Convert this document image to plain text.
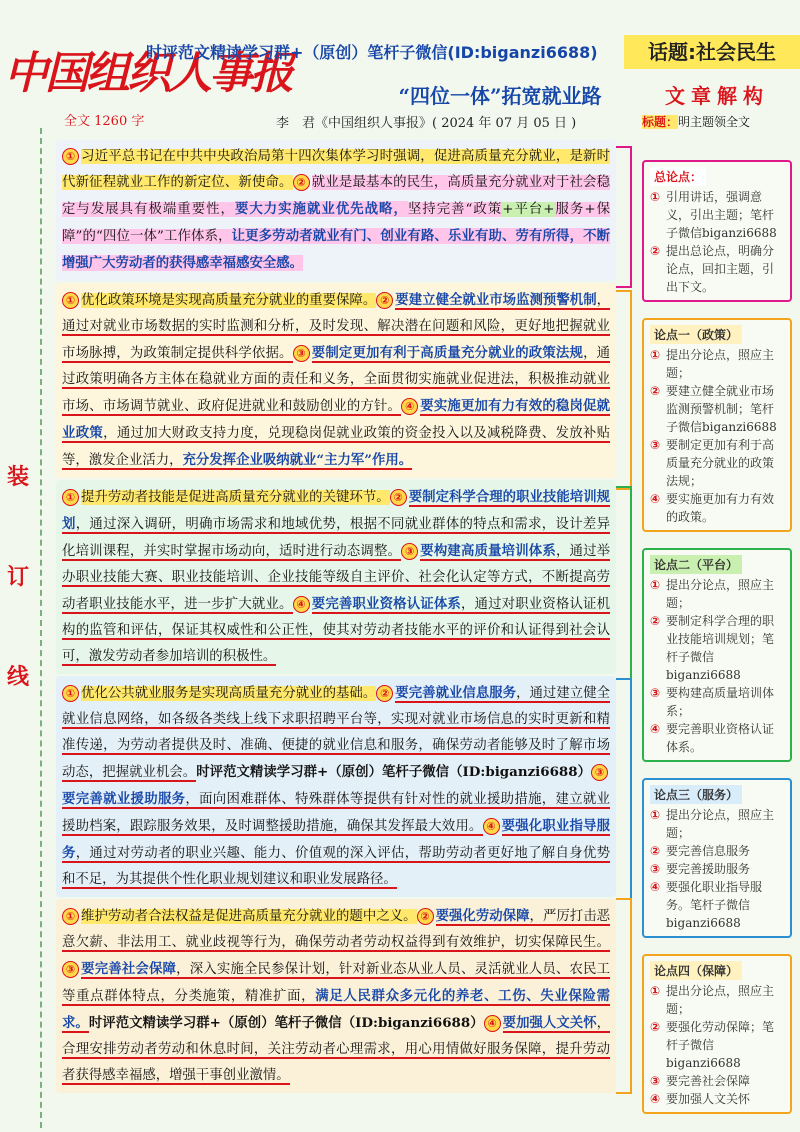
中国组织人事报
时评范文精读学习群+（原创）笔杆子微信(ID:biganzi6688)	话题:社会民生
“四位一体”拓宽就业路
全文 1260 字	李　君《中国组织人事报》( 2024 年 07 月 05 日 )
装
订
线

① 习近平总书记在中共中央政治局第十四次集体学习时强调，促进高质量充分就业，是新时代新征程就业工作的新定位、新使命。 ② 就业是最基本的民生，高质量充分就业对于社会稳定与发展具有极端重要性，要大力实施就业优先战略，坚持完善“政策+平台+服务+保障”的“四位一体”工作体系，让更多劳动者就业有门、创业有路、乐业有助、劳有所得，不断增强广大劳动者的获得感幸福感安全感。

① 优化政策环境是实现高质量充分就业的重要保障。 ② 要建立健全就业市场监测预警机制，通过对就业市场数据的实时监测和分析，及时发现、解决潜在问题和风险，更好地把握就业市场脉搏，为政策制定提供科学依据。 ③ 要制定更加有利于高质量充分就业的政策法规，通过政策明确各方主体在稳就业方面的责任和义务，全面贯彻实施就业促进法，积极推动就业市场、市场调节就业、政府促进就业和鼓励创业的方针。 ④ 要实施更加有力有效的稳岗促就业政策，通过加大财政支持力度，兑现稳岗促就业政策的资金投入以及减税降费、发放补贴等，激发企业活力，充分发挥企业吸纳就业“主力军”作用。

① 提升劳动者技能是促进高质量充分就业的关键环节。 ② 要制定科学合理的职业技能培训规划，通过深入调研，明确市场需求和地域优势，根据不同就业群体的特点和需求，设计差异化培训课程，并实时掌握市场动向，适时进行动态调整。 ③ 要构建高质量培训体系，通过举办职业技能大赛、职业技能培训、企业技能等级自主评价、社会化认定等方式，不断提高劳动者职业技能水平，进一步扩大就业。 ④ 要完善职业资格认证体系，通过对职业资格认证机构的监管和评估，保证其权威性和公正性，使其对劳动者技能水平的评价和认证得到社会认可，激发劳动者参加培训的积极性。

① 优化公共就业服务是实现高质量充分就业的基础。 ② 要完善就业信息服务，通过建立健全就业信息网络，如各级各类线上线下求职招聘平台等，实现对就业市场信息的实时更新和精准传递，为劳动者提供及时、准确、便捷的就业信息和服务，确保劳动者能够及时了解市场动态，把握就业机会。时评范文精读学习群+（原创）笔杆子微信（ID:biganzi6688） ③要完善就业援助服务，面向困难群体、特殊群体等提供有针对性的就业援助措施，建立就业援助档案，跟踪服务效果，及时调整援助措施，确保其发挥最大效用。 ④ 要强化职业指导服务，通过对劳动者的职业兴趣、能力、价值观的深入评估，帮助劳动者更好地了解自身优势和不足，为其提供个性化职业规划建议和职业发展路径。

① 维护劳动者合法权益是促进高质量充分就业的题中之义。 ② 要强化劳动保障，严厉打击恶意欠薪、非法用工、就业歧视等行为，确保劳动者劳动权益得到有效维护，切实保障民生。③ 要完善社会保障，深入实施全民参保计划，针对新业态从业人员、灵活就业人员、农民工等重点群体特点，分类施策，精准扩面，满足人民群众多元化的养老、工伤、失业保险需求。时评范文精读学习群+（原创）笔杆子微信（ID:biganzi6688） ④ 要加强人文关怀，合理安排劳动者劳动和休息时间，关注劳动者心理需求，用心用情做好服务保障，提升劳动者获得感幸福感，增强干事创业激情。

文章解构
标题：明主题领全文
总论点：
① 引用讲话，强调意义，引出主题；笔杆子微信biganzi6688
② 提出总论点，明确分论点，回扣主题，引出下文。
论点一（政策）
① 提出分论点，照应主题；
② 要建立健全就业市场监测预警机制；笔杆子微信biganzi6688
③ 要制定更加有利于高质量充分就业的政策法规；
④ 要实施更加有力有效的政策。
论点二（平台）
① 提出分论点，照应主题；
② 要制定科学合理的职业技能培训规划；笔杆子微信biganzi6688
③ 要构建高质量培训体系；
④ 要完善职业资格认证体系。
论点三（服务）
① 提出分论点，照应主题；
② 要完善信息服务
③ 要完善援助服务
④ 要强化职业指导服务。笔杆子微信biganzi6688
论点四（保障）
① 提出分论点，照应主题；
② 要强化劳动保障；笔杆子微信biganzi6688
③ 要完善社会保障
④ 要加强人文关怀
